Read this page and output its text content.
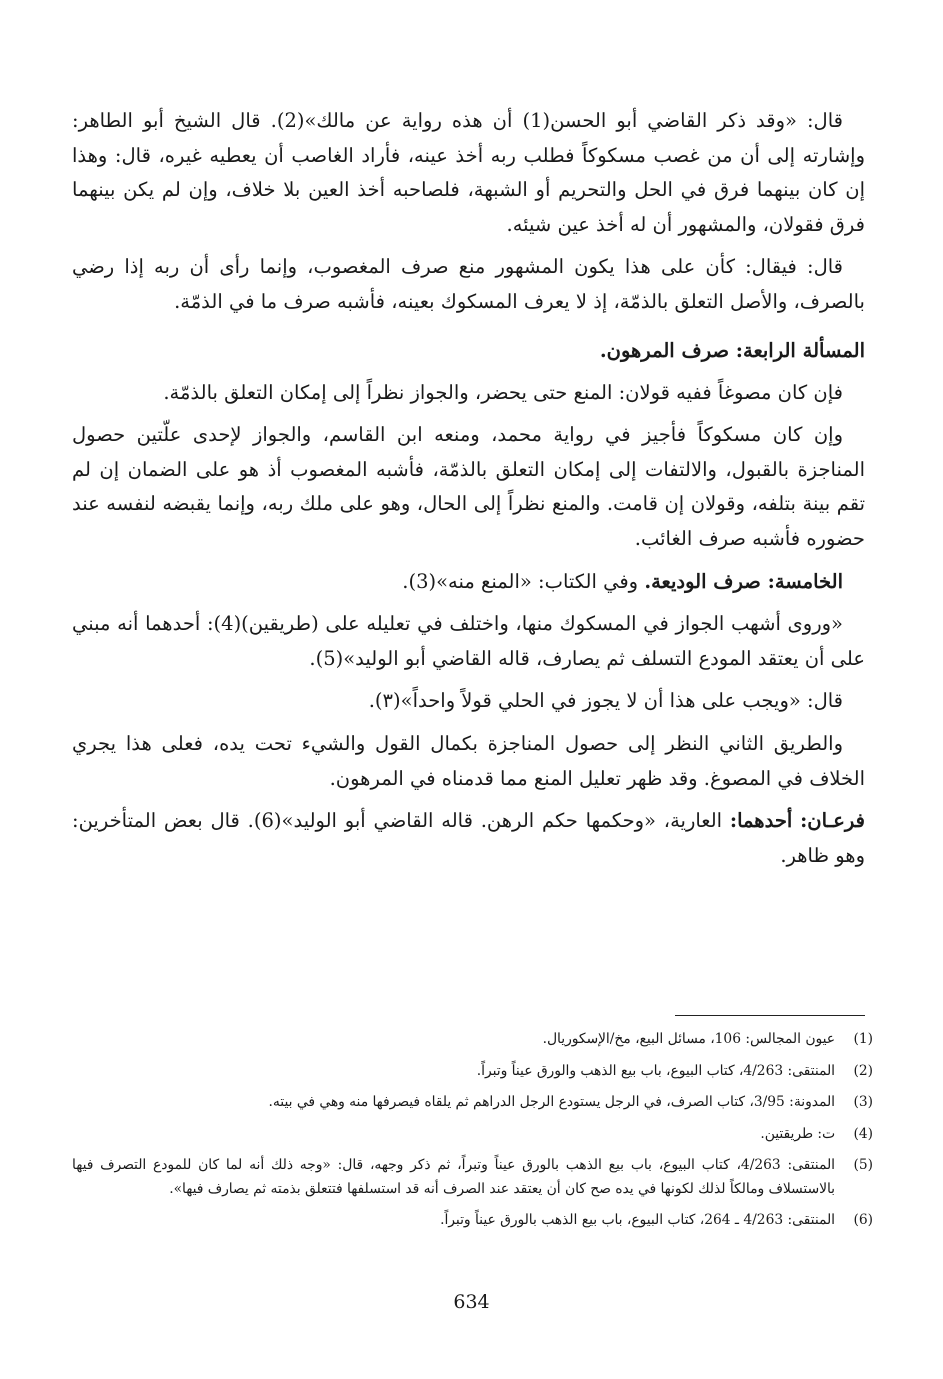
قال: «وقد ذكر القاضي أبو الحسن(1) أن هذه رواية عن مالك»(2). قال الشيخ أبو الطاهر: وإشارته إلى أن من غصب مسكوكاً فطلب ربه أخذ عينه، فأراد الغاصب أن يعطيه غيره، قال: وهذا إن كان بينهما فرق في الحل والتحريم أو الشبهة، فلصاحبه أخذ العين بلا خلاف، وإن لم يكن بينهما فرق فقولان، والمشهور أن له أخذ عين شيئه.

قال: فيقال: كأن على هذا يكون المشهور منع صرف المغصوب، وإنما رأى أن ربه إذا رضي بالصرف، والأصل التعلق بالذمّة، إذ لا يعرف المسكوك بعينه، فأشبه صرف ما في الذمّة.

المسألة الرابعة: صرف المرهون.

فإن كان مصوغاً ففيه قولان: المنع حتى يحضر، والجواز نظراً إلى إمكان التعلق بالذمّة.

وإن كان مسكوكاً فأجيز في رواية محمد، ومنعه ابن القاسم، والجواز لإحدى علّتين حصول المناجزة بالقبول، والالتفات إلى إمكان التعلق بالذمّة، فأشبه المغصوب أذ هو على الضمان إن لم تقم بينة بتلفه، وقولان إن قامت. والمنع نظراً إلى الحال، وهو على ملك ربه، وإنما يقبضه لنفسه عند حضوره فأشبه صرف الغائب.

الخامسة: صرف الوديعة. وفي الكتاب: «المنع منه»(3).

«وروى أشهب الجواز في المسكوك منها، واختلف في تعليله على (طريقين)(4): أحدهما أنه مبني على أن يعتقد المودع التسلف ثم يصارف، قاله القاضي أبو الوليد»(5).

قال: «ويجب على هذا أن لا يجوز في الحلي قولاً واحداً»(٣).

والطريق الثاني النظر إلى حصول المناجزة بكمال القول والشيء تحت يده، فعلى هذا يجري الخلاف في المصوغ. وقد ظهر تعليل المنع مما قدمناه في المرهون.

فرعـان: أحدهما: العارية، «وحكمها حكم الرهن. قاله القاضي أبو الوليد»(6). قال بعض المتأخرين: وهو ظاهر.

(1)
عيون المجالس: 106، مسائل البيع، مخ/الإسكوريال.
(2)
المنتقى: 4/263، كتاب البيوع، باب بيع الذهب والورق عيناً وتبراً.
(3)
المدونة: 3/95، كتاب الصرف، في الرجل يستودع الرجل الدراهم ثم يلقاه فيصرفها منه وهي في بيته.
(4)
ت: طريقتين.
(5)
المنتقى: 4/263، كتاب البيوع، باب بيع الذهب بالورق عيناً وتبراً، ثم ذكر وجهه، قال: «وجه ذلك أنه لما كان للمودع التصرف فيها بالاستسلاف ومالكاً لذلك لكونها في يده صح كان أن يعتقد عند الصرف أنه قد استسلفها فتتعلق بذمته ثم يصارف فيها».
(6)
المنتقى: 4/263 ـ 264، كتاب البيوع، باب بيع الذهب بالورق عيناً وتبراً.
634
